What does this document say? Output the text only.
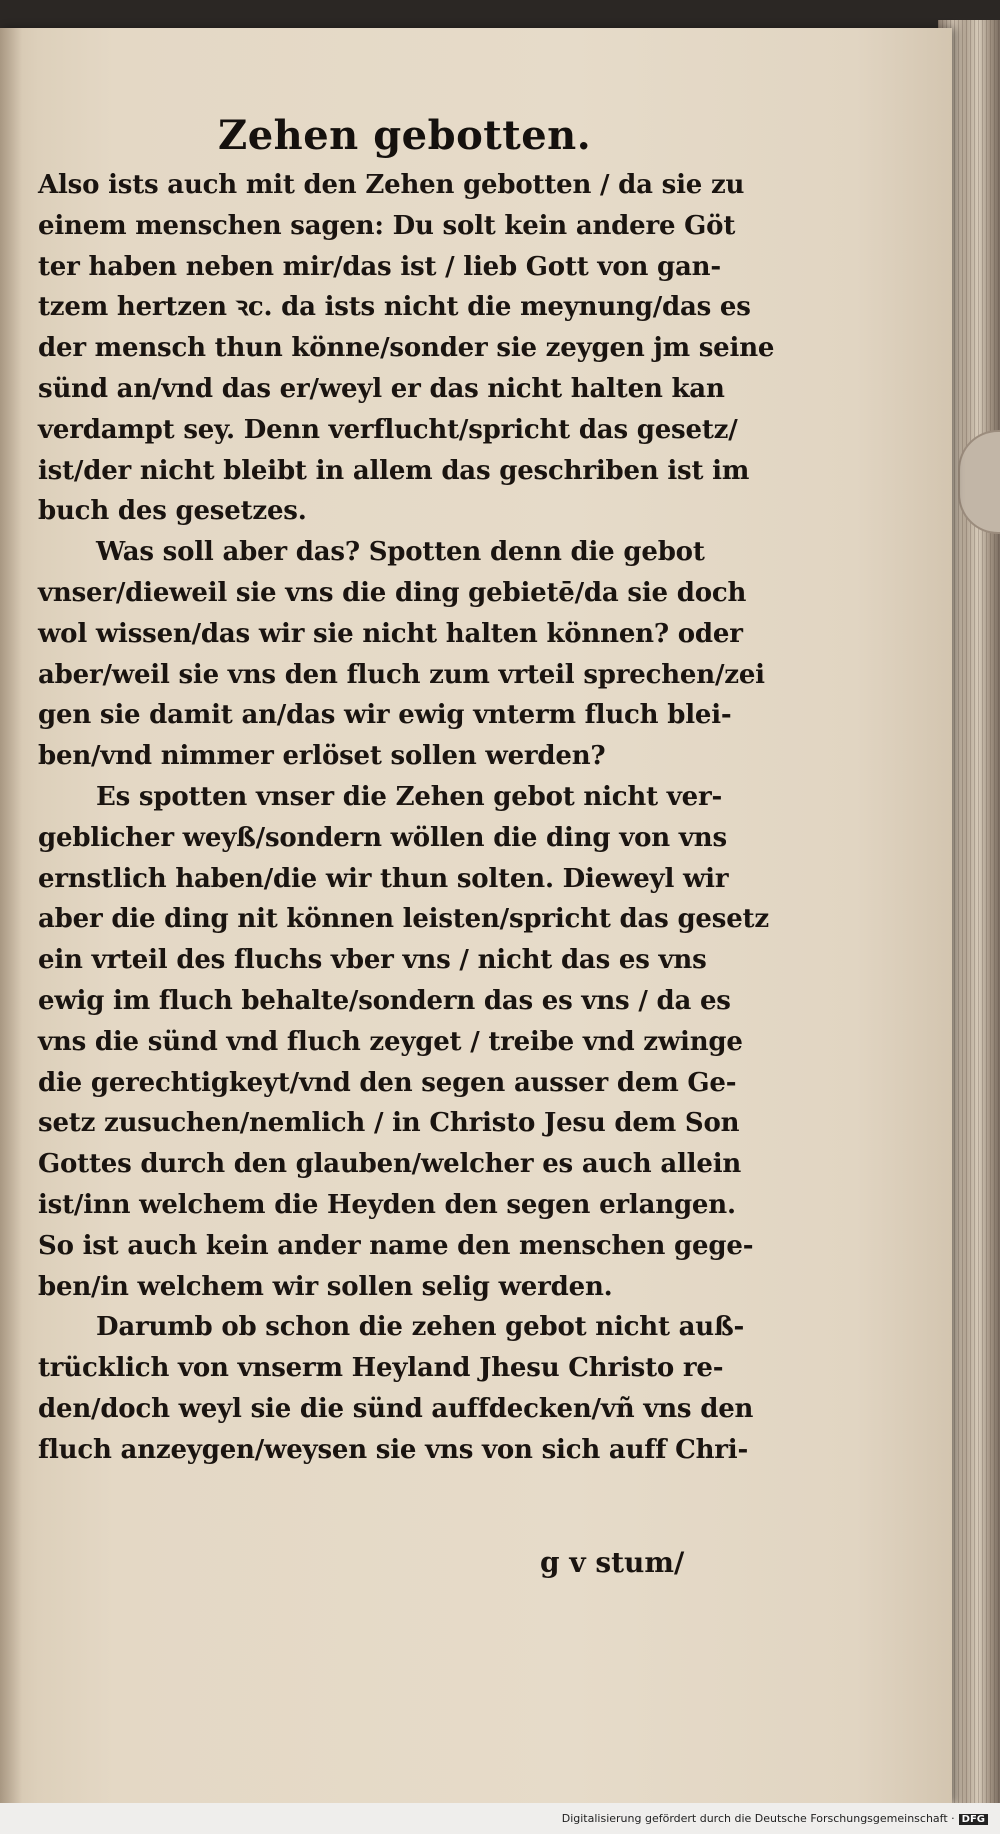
Zehen gebotten.
Also ists auch mit den Zehen gebotten / da sie zu
einem menschen sagen: Du solt kein andere Göt
ter haben neben mir/das ist / lieb Gott von gan-
tzem hertzen ꝛc. da ists nicht die meynung/das es
der mensch thun könne/sonder sie zeygen jm seine
sünd an/vnd das er/weyl er das nicht halten kan
verdampt sey. Denn verflucht/spricht das gesetz/
ist/der nicht bleibt in allem das geschriben ist im
buch des gesetzes.
Was soll aber das? Spotten denn die gebot
vnser/dieweil sie vns die ding gebietē/da sie doch
wol wissen/das wir sie nicht halten können? oder
aber/weil sie vns den fluch zum vrteil sprechen/zei
gen sie damit an/das wir ewig vnterm fluch blei-
ben/vnd nimmer erlöset sollen werden?
Es spotten vnser die Zehen gebot nicht ver-
geblicher weyß/sondern wöllen die ding von vns
ernstlich haben/die wir thun solten. Dieweyl wir
aber die ding nit können leisten/spricht das gesetz
ein vrteil des fluchs vber vns / nicht das es vns
ewig im fluch behalte/sondern das es vns / da es
vns die sünd vnd fluch zeyget / treibe vnd zwinge
die gerechtigkeyt/vnd den segen ausser dem Ge-
setz zusuchen/nemlich / in Christo Jesu dem Son
Gottes durch den glauben/welcher es auch allein
ist/inn welchem die Heyden den segen erlangen.
So ist auch kein ander name den menschen gege-
ben/in welchem wir sollen selig werden.
Darumb ob schon die zehen gebot nicht auß-
trücklich von vnserm Heyland Jhesu Christo re-
den/doch weyl sie die sünd auffdecken/vñ vns den
fluch anzeygen/weysen sie vns von sich auff Chri-
g v stum/
Digitalisierung gefördert durch die Deutsche Forschungsgemeinschaft · DFG
